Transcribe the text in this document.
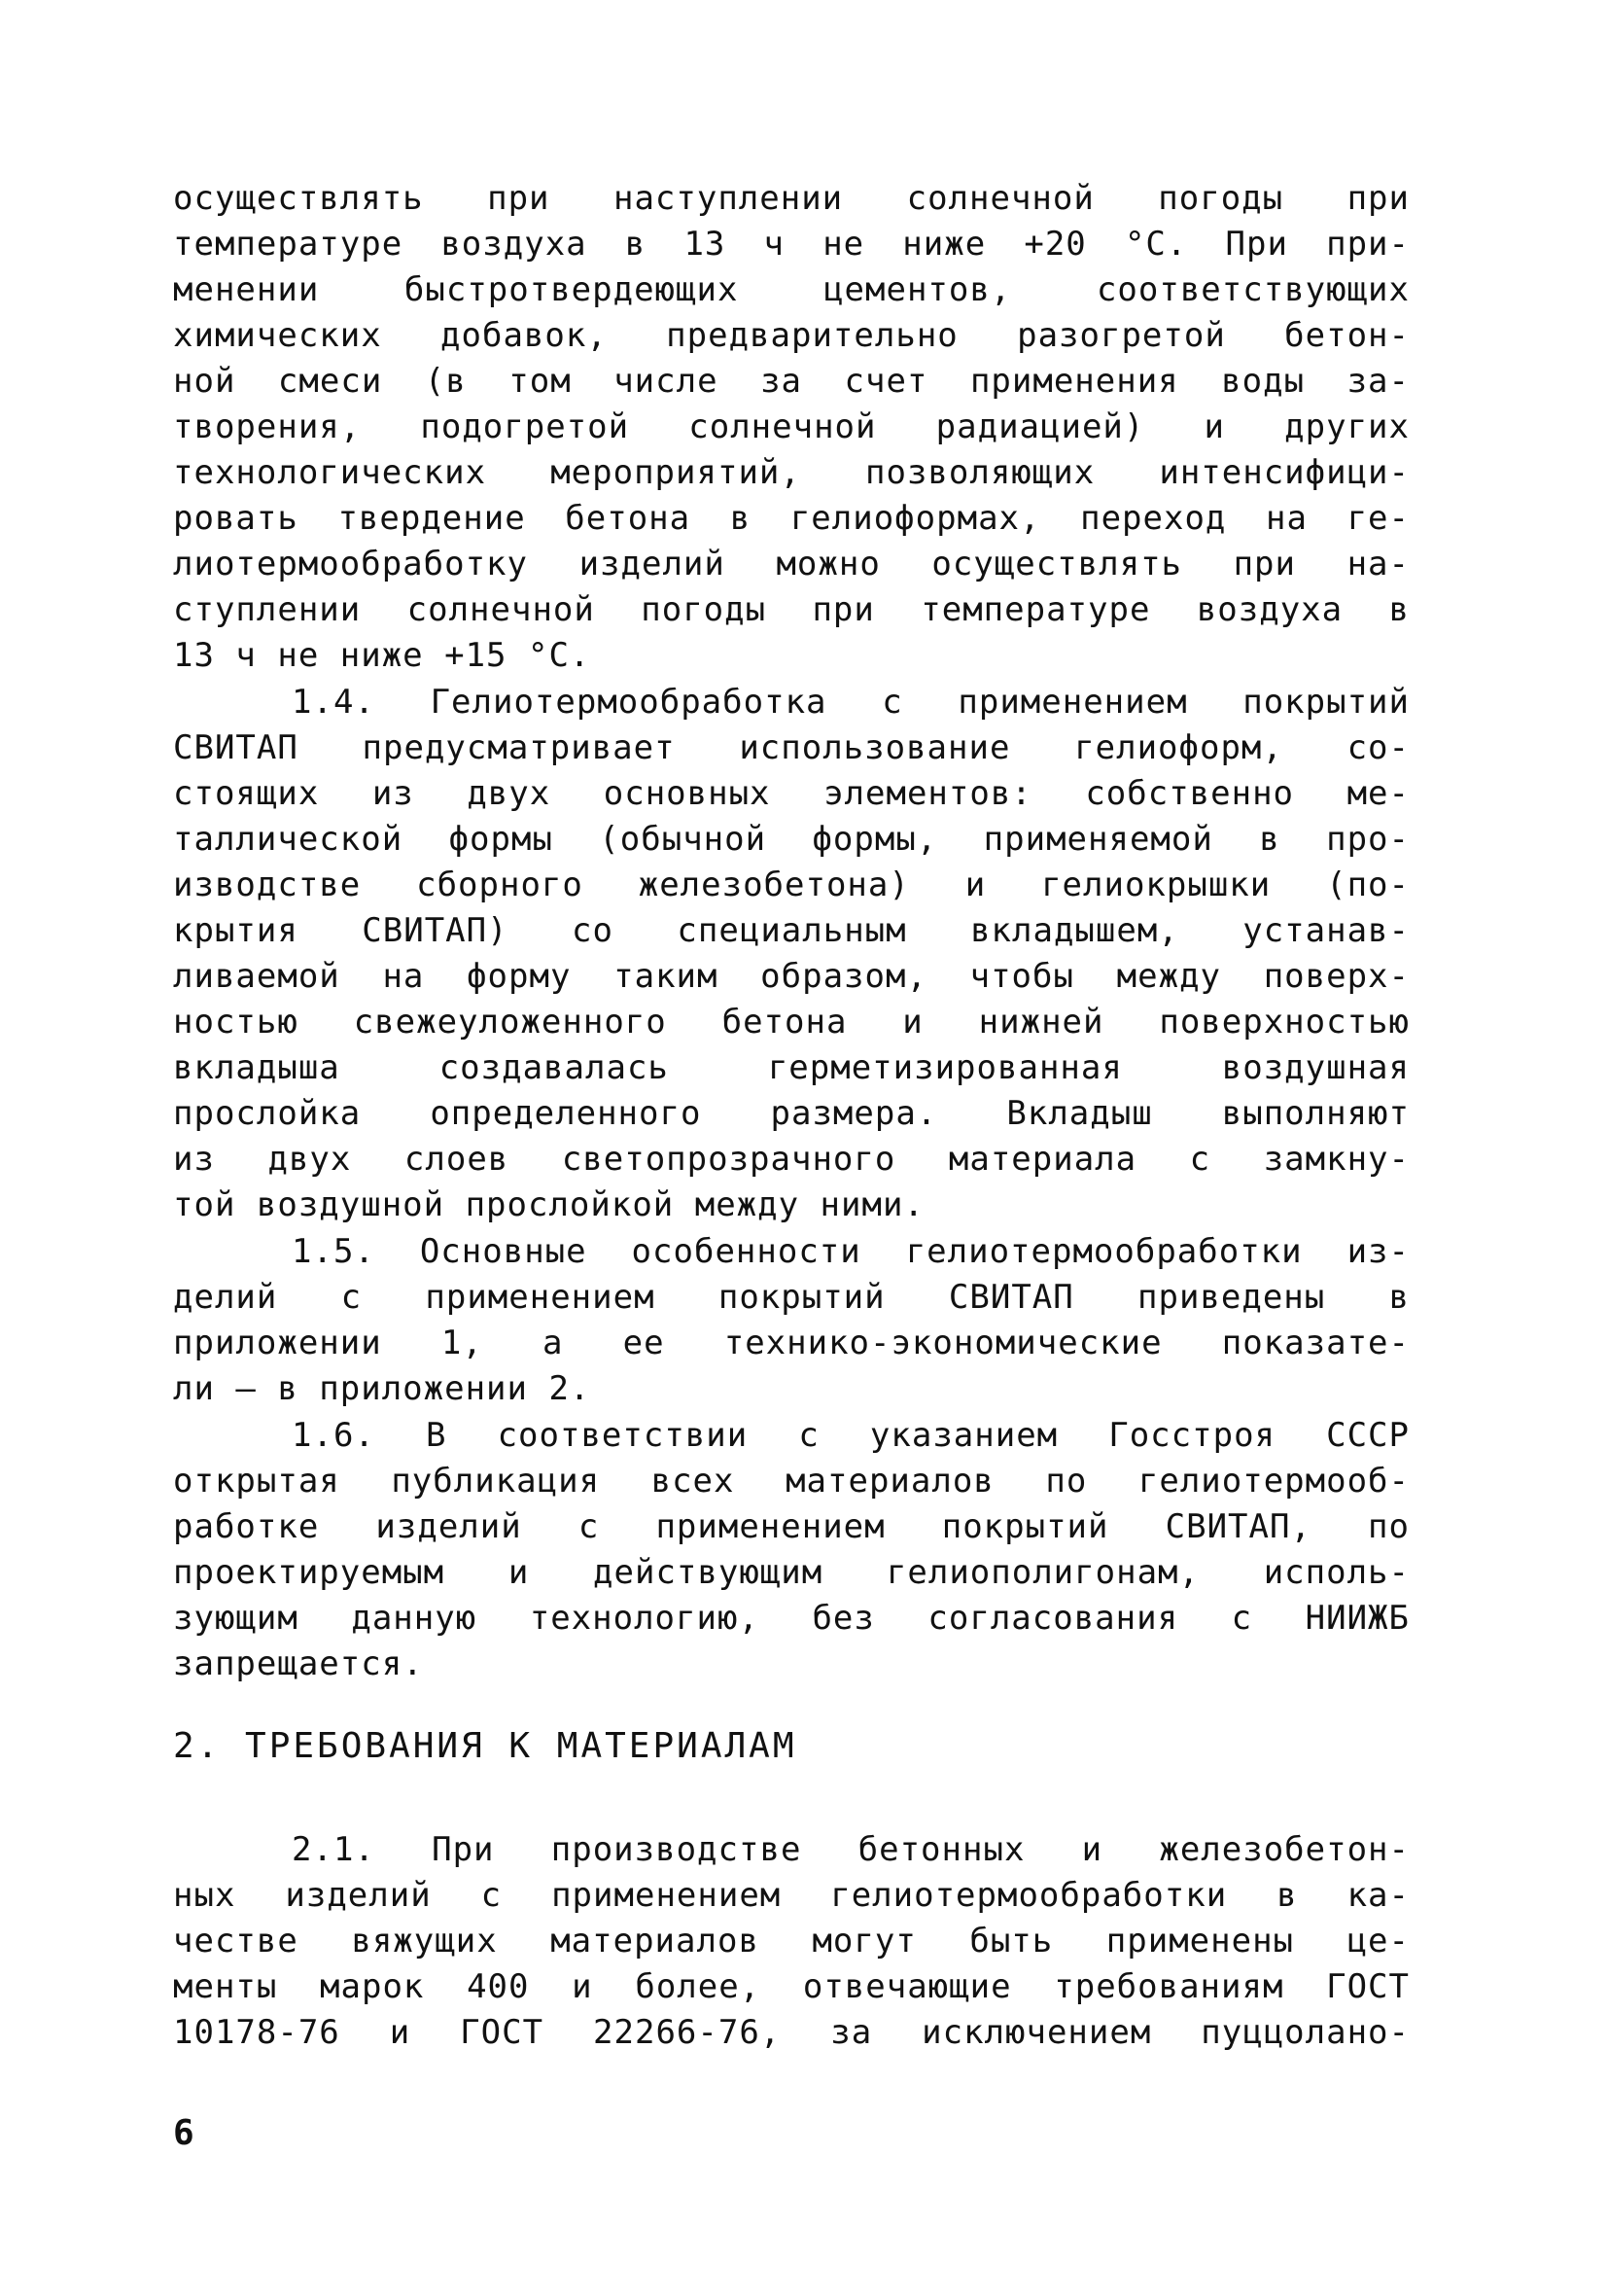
осуществлять при наступлении солнечной погоды при
температуре воздуха в 13 ч не ниже +20 °С. При при-
менении быстротвердеющих цементов, соответствующих
химических добавок, предварительно разогретой бетон-
ной смеси (в том числе за счет применения воды за-
творения, подогретой солнечной радиацией) и других
технологических мероприятий, позволяющих интенсифици-
ровать твердение бетона в гелиоформах, переход на ге-
лиотермообработку изделий можно осуществлять при на-
ступлении солнечной погоды при температуре воздуха в
13 ч не ниже +15 °С.
1.4. Гелиотермообработка с применением покрытий
СВИТАП предусматривает использование гелиоформ, со-
стоящих из двух основных элементов: собственно ме-
таллической формы (обычной формы, применяемой в про-
изводстве сборного железобетона) и гелиокрышки (по-
крытия СВИТАП) со специальным вкладышем, устанав-
ливаемой на форму таким образом, чтобы между поверх-
ностью свежеуложенного бетона и нижней поверхностью
вкладыша создавалась герметизированная воздушная
прослойка определенного размера. Вкладыш выполняют
из двух слоев светопрозрачного материала с замкну-
той воздушной прослойкой между ними.
1.5. Основные особенности гелиотермообработки из-
делий с применением покрытий СВИТАП приведены в
приложении 1, а ее технико-экономические показате-
ли – в приложении 2.
1.6. В соответствии с указанием Госстроя СССР
открытая публикация всех материалов по гелиотермооб-
работке изделий с применением покрытий СВИТАП, по
проектируемым и действующим гелиополигонам, исполь-
зующим данную технологию, без согласования с НИИЖБ
запрещается.
2. ТРЕБОВАНИЯ К МАТЕРИАЛАМ
2.1. При производстве бетонных и железобетон-
ных изделий с применением гелиотермообработки в ка-
честве вяжущих материалов могут быть применены це-
менты марок 400 и более, отвечающие требованиям ГОСТ
10178-76 и ГОСТ 22266-76, за исключением пуццолано-
6
